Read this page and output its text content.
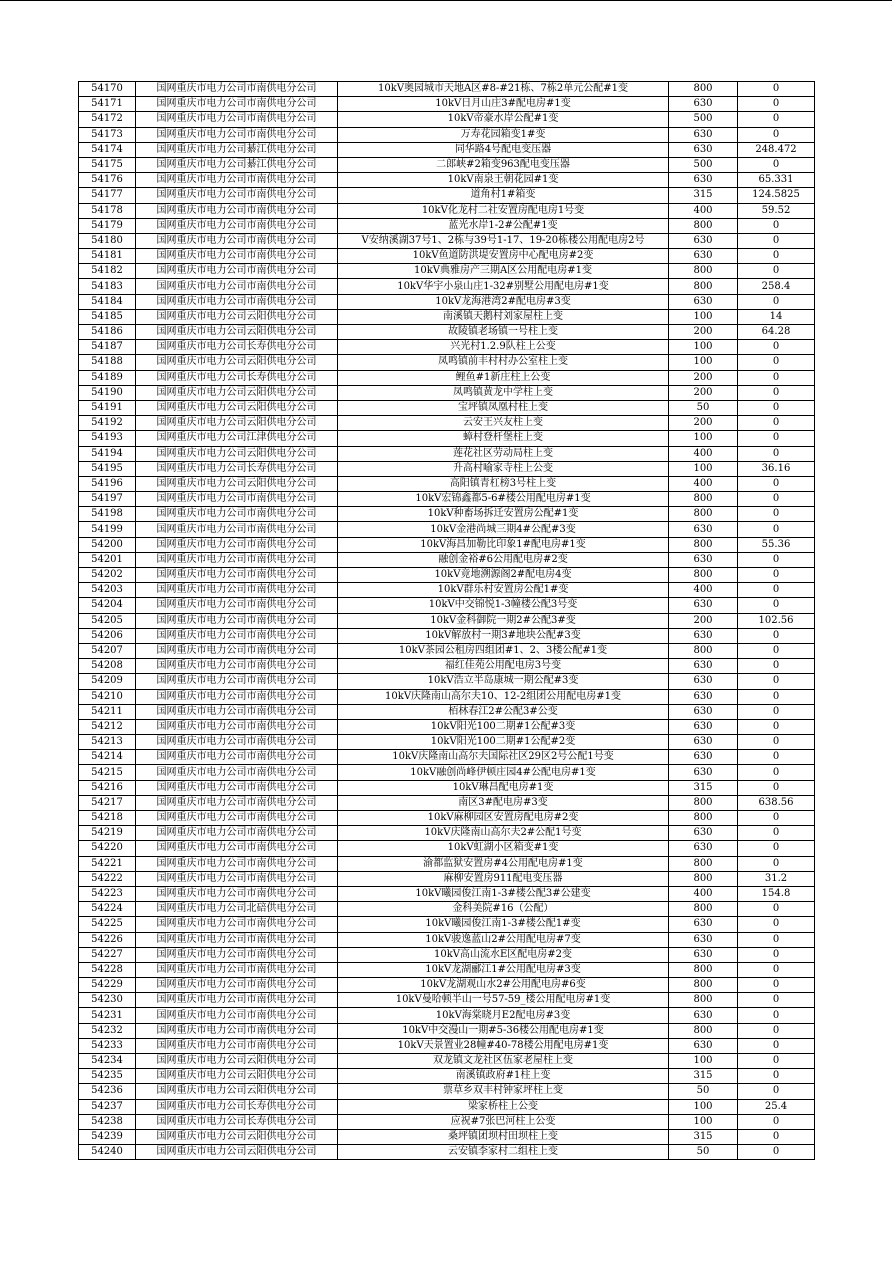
54170	国网重庆市电力公司市南供电分公司	10kV奥园城市天地A区#8-#21栋、7栋2单元公配#1变	800	0
54171	国网重庆市电力公司市南供电分公司	10kV日月山庄3#配电房#1变	630	0
54172	国网重庆市电力公司市南供电分公司	10kV帝豪水岸公配#1变	500	0
54173	国网重庆市电力公司市南供电分公司	万寿花园箱变1#变	630	0
54174	国网重庆市电力公司綦江供电分公司	同华路4号配电变压器	630	248.472
54175	国网重庆市电力公司綦江供电分公司	二郎峡#2箱变963配电变压器	500	0
54176	国网重庆市电力公司市南供电分公司	10kV南泉王朝花园#1变	630	65.331
54177	国网重庆市电力公司市南供电分公司	道角村1#箱变	315	124.5825
54178	国网重庆市电力公司市南供电分公司	10kV化龙村二社安置房配电房1号变	400	59.52
54179	国网重庆市电力公司市南供电分公司	蓝光水岸1-2#公配#1变	800	0
54180	国网重庆市电力公司市南供电分公司	V安纳溪湖37号1、2栋与39号1-17、19-20栋楼公用配电房2号	630	0
54181	国网重庆市电力公司市南供电分公司	10kV鱼道防洪堤安置房中心配电房#2变	630	0
54182	国网重庆市电力公司市南供电分公司	10kV典雅房产三期A区公用配电房#1变	800	0
54183	国网重庆市电力公司市南供电分公司	10kV华宇小泉山庄1-32#别墅公用配电房#1变	800	258.4
54184	国网重庆市电力公司市南供电分公司	10kV龙海港湾2#配电房#3变	630	0
54185	国网重庆市电力公司云阳供电分公司	南溪镇天鹅村刘家屋柱上变	100	14
54186	国网重庆市电力公司云阳供电分公司	故陵镇老场镇一号柱上变	200	64.28
54187	国网重庆市电力公司长寿供电分公司	兴光村1.2.9队柱上公变	100	0
54188	国网重庆市电力公司云阳供电分公司	凤鸣镇前丰村村办公室柱上变	100	0
54189	国网重庆市电力公司长寿供电分公司	鲤鱼#1新庄柱上公变	200	0
54190	国网重庆市电力公司云阳供电分公司	凤鸣镇黄龙中学柱上变	200	0
54191	国网重庆市电力公司云阳供电分公司	宝坪镇凤凰村柱上变	50	0
54192	国网重庆市电力公司云阳供电分公司	云安王兴友柱上变	200	0
54193	国网重庆市电力公司江津供电分公司	蟑村登杆堡柱上变	100	0
54194	国网重庆市电力公司云阳供电分公司	莲花社区劳动局柱上变	400	0
54195	国网重庆市电力公司长寿供电分公司	升高村喻家寺柱上公变	100	36.16
54196	国网重庆市电力公司云阳供电分公司	高阳镇青杠榜3号柱上变	400	0
54197	国网重庆市电力公司市南供电分公司	10kV宏锦鑫都5-6#楼公用配电房#1变	800	0
54198	国网重庆市电力公司市南供电分公司	10kV种畜场拆迁安置房公配#1变	800	0
54199	国网重庆市电力公司市南供电分公司	10kV金港尚城三期4#公配#3变	630	0
54200	国网重庆市电力公司市南供电分公司	10kV海昌加勒比印象1#配电房#1变	800	55.36
54201	国网重庆市电力公司市南供电分公司	融创金裕#6公用配电房#2变	630	0
54202	国网重庆市电力公司市南供电分公司	10kV竟地溯源阁2#配电房4变	800	0
54203	国网重庆市电力公司市南供电分公司	10kV群乐村安置房公配1#变	400	0
54204	国网重庆市电力公司市南供电分公司	10kV中交锦悦1-3幢楼公配3号变	630	0
54205	国网重庆市电力公司市南供电分公司	10kV金科御院一期2#公配3#变	200	102.56
54206	国网重庆市电力公司市南供电分公司	10kV解放村一期3#地块公配#3变	630	0
54207	国网重庆市电力公司市南供电分公司	10kV茶园公租房四组团#1、2、3楼公配#1变	800	0
54208	国网重庆市电力公司市南供电分公司	福红佳苑公用配电房3号变	630	0
54209	国网重庆市电力公司市南供电分公司	10kV浩立半岛康城一期公配#3变	630	0
54210	国网重庆市电力公司市南供电分公司	10kV庆隆南山高尔夫10、12-2组团公用配电房#1变	630	0
54211	国网重庆市电力公司市南供电分公司	栢林春江2#公配3#公变	630	0
54212	国网重庆市电力公司市南供电分公司	10kV阳光100二期#1公配#3变	630	0
54213	国网重庆市电力公司市南供电分公司	10kV阳光100二期#1公配#2变	630	0
54214	国网重庆市电力公司市南供电分公司	10kV庆隆南山高尔夫国际社区29区2号公配1号变	630	0
54215	国网重庆市电力公司市南供电分公司	10kV融创尚峰伊顿庄园4#公配电房#1变	630	0
54216	国网重庆市电力公司市南供电分公司	10kV琳昌配电房#1变	315	0
54217	国网重庆市电力公司市南供电分公司	南区3#配电房#3变	800	638.56
54218	国网重庆市电力公司市南供电分公司	10kV麻柳园区安置房配电房#2变	800	0
54219	国网重庆市电力公司市南供电分公司	10kV庆隆南山高尔夫2#公配1号变	630	0
54220	国网重庆市电力公司市南供电分公司	10kV虹湖小区箱变#1变	630	0
54221	国网重庆市电力公司市南供电分公司	渝都监狱安置房#4公用配电房#1变	800	0
54222	国网重庆市电力公司市南供电分公司	麻柳安置房911配电变压器	800	31.2
54223	国网重庆市电力公司市南供电分公司	10kV曦园俊江南1-3#楼公配3#公建变	400	154.8
54224	国网重庆市电力公司北碚供电分公司	金科美院#16（公配）	800	0
54225	国网重庆市电力公司市南供电分公司	10kV曦园俊江南1-3#楼公配1#变	630	0
54226	国网重庆市电力公司市南供电分公司	10kV骏逸蓝山2#公用配电房#7变	630	0
54227	国网重庆市电力公司市南供电分公司	10kV高山流水E区配电房#2变	630	0
54228	国网重庆市电力公司市南供电分公司	10kV龙湖郦江1#公用配电房#3变	800	0
54229	国网重庆市电力公司市南供电分公司	10kV龙湖观山水2#公用配电房#6变	800	0
54230	国网重庆市电力公司市南供电分公司	10kV曼哈顿半山一号57-59_楼公用配电房#1变	800	0
54231	国网重庆市电力公司市南供电分公司	10kV海棠晓月E2配电房#3变	630	0
54232	国网重庆市电力公司市南供电分公司	10kV中交漫山一期#5-36楼公用配电房#1变	800	0
54233	国网重庆市电力公司市南供电分公司	10kV天景置业28幢#40-78楼公用配电房#1变	630	0
54234	国网重庆市电力公司云阳供电分公司	双龙镇文龙社区伍家老屋柱上变	100	0
54235	国网重庆市电力公司云阳供电分公司	南溪镇政府#1柱上变	315	0
54236	国网重庆市电力公司云阳供电分公司	票草乡双丰村钟家坪柱上变	50	0
54237	国网重庆市电力公司长寿供电分公司	梁家桥柱上公变	100	25.4
54238	国网重庆市电力公司长寿供电分公司	应祝#7张巴河柱上公变	100	0
54239	国网重庆市电力公司云阳供电分公司	桑坪镇团坝村田坝柱上变	315	0
54240	国网重庆市电力公司云阳供电分公司	云安镇李家村二组柱上变	50	0
